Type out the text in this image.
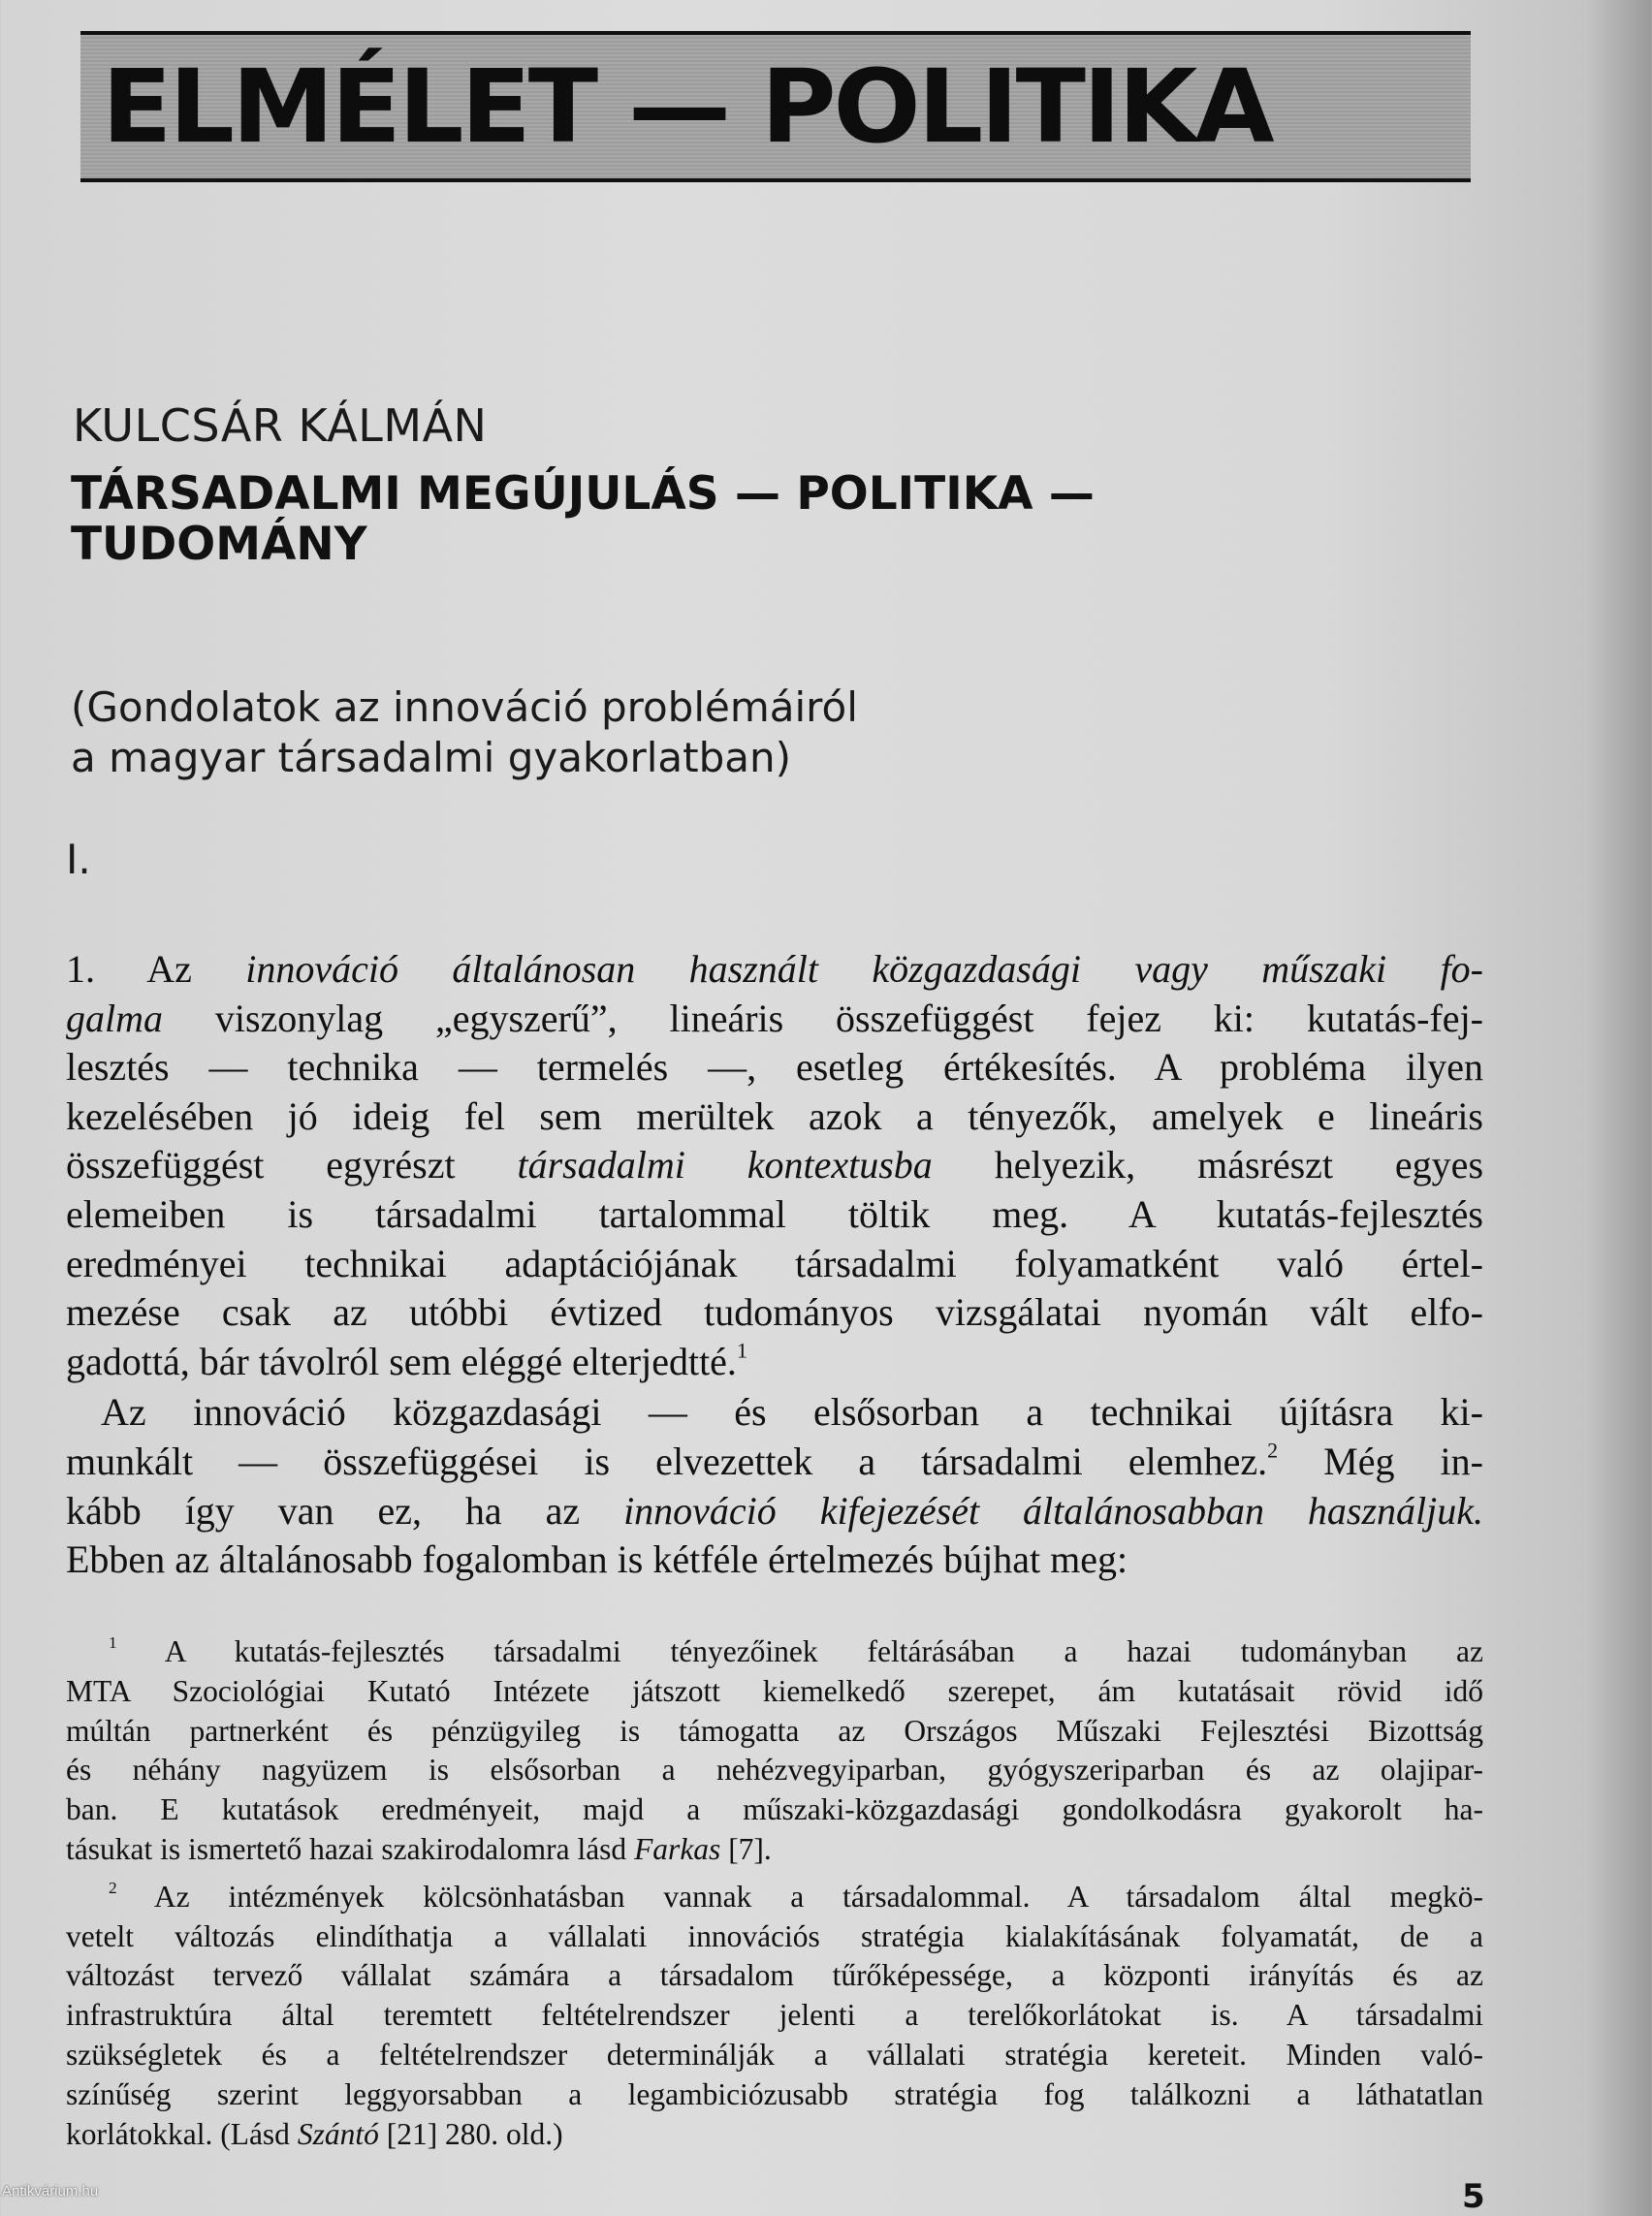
ELMÉLET — POLITIKA
KULCSÁR KÁLMÁN
TÁRSADALMI MEGÚJULÁS — POLITIKA —
TUDOMÁNY
(Gondolatok az innováció problémáiról
a magyar társadalmi gyakorlatban)
I.
1. Az innováció általánosan használt közgazdasági vagy műszaki fo-
galma viszonylag „egyszerű”, lineáris összefüggést fejez ki: kutatás-fej-
lesztés — technika — termelés —, esetleg értékesítés. A probléma ilyen
kezelésében jó ideig fel sem merültek azok a tényezők, amelyek e lineáris
összefüggést egyrészt társadalmi kontextusba helyezik, másrészt egyes
elemeiben is társadalmi tartalommal töltik meg. A kutatás-fejlesztés
eredményei technikai adaptációjának társadalmi folyamatként való értel-
mezése csak az utóbbi évtized tudományos vizsgálatai nyomán vált elfo-
gadottá, bár távolról sem eléggé elterjedtté.$^1$
Az innováció közgazdasági — és elsősorban a technikai újításra ki-
munkált — összefüggései is elvezettek a társadalmi elemhez.$^2$ Még in-
kább így van ez, ha az innováció kifejezését általánosabban használjuk.
Ebben az általánosabb fogalomban is kétféle értelmezés bújhat meg:
$^1$ A kutatás-fejlesztés társadalmi tényezőinek feltárásában a hazai tudományban az
MTA Szociológiai Kutató Intézete játszott kiemelkedő szerepet, ám kutatásait rövid idő
múltán partnerként és pénzügyileg is támogatta az Országos Műszaki Fejlesztési Bizottság
és néhány nagyüzem is elsősorban a nehézvegyiparban, gyógyszeriparban és az olajipar-
ban. E kutatások eredményeit, majd a műszaki-közgazdasági gondolkodásra gyakorolt ha-
tásukat is ismertető hazai szakirodalomra lásd Farkas [7].
$^2$ Az intézmények kölcsönhatásban vannak a társadalommal. A társadalom által megkö-
vetelt változás elindíthatja a vállalati innovációs stratégia kialakításának folyamatát, de a
változást tervező vállalat számára a társadalom tűrőképessége, a központi irányítás és az
infrastruktúra által teremtett feltételrendszer jelenti a terelőkorlátokat is. A társadalmi
szükségletek és a feltételrendszer determinálják a vállalati stratégia kereteit. Minden való-
színűség szerint leggyorsabban a legambiciózusabb stratégia fog találkozni a láthatatlan
korlátokkal. (Lásd Szántó [21] 280. old.)
5
Antikvárium.hu
